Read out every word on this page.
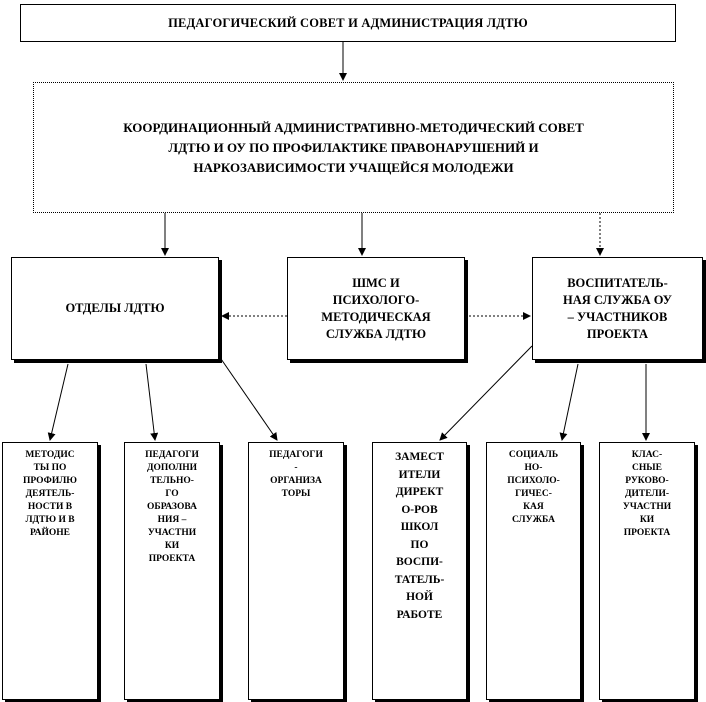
ПЕДАГОГИЧЕСКИЙ СОВЕТ И АДМИНИСТРАЦИЯ ЛДТЮ
КООРДИНАЦИОННЫЙ АДМИНИСТРАТИВНО-МЕТОДИЧЕСКИЙ СОВЕТ
ЛДТЮ И ОУ ПО ПРОФИЛАКТИКЕ ПРАВОНАРУШЕНИЙ И
НАРКОЗАВИСИМОСТИ УЧАЩЕЙСЯ МОЛОДЕЖИ
ОТДЕЛЫ ЛДТЮ
ШМС И
ПСИХОЛОГО-
МЕТОДИЧЕСКАЯ
СЛУЖБА ЛДТЮ
ВОСПИТАТЕЛЬ-
НАЯ СЛУЖБА ОУ
– УЧАСТНИКОВ
ПРОЕКТА
МЕТОДИС
ТЫ ПО
ПРОФИЛЮ
ДЕЯТЕЛЬ-
НОСТИ В
ЛДТЮ И В
РАЙОНЕ
ПЕДАГОГИ
ДОПОЛНИ
ТЕЛЬНО-
ГО
ОБРАЗОВА
НИЯ –
УЧАСТНИ
КИ
ПРОЕКТА
ПЕДАГОГИ
-
ОРГАНИЗА
ТОРЫ
ЗАМЕСТ
ИТЕЛИ
ДИРЕКТ
О-РОВ
ШКОЛ
ПО
ВОСПИ-
ТАТЕЛЬ-
НОЙ
РАБОТЕ
СОЦИАЛЬ
НО-
ПСИХОЛО-
ГИЧЕС-
КАЯ
СЛУЖБА
КЛАС-
СНЫЕ
РУКОВО-
ДИТЕЛИ-
УЧАСТНИ
КИ
ПРОЕКТА
